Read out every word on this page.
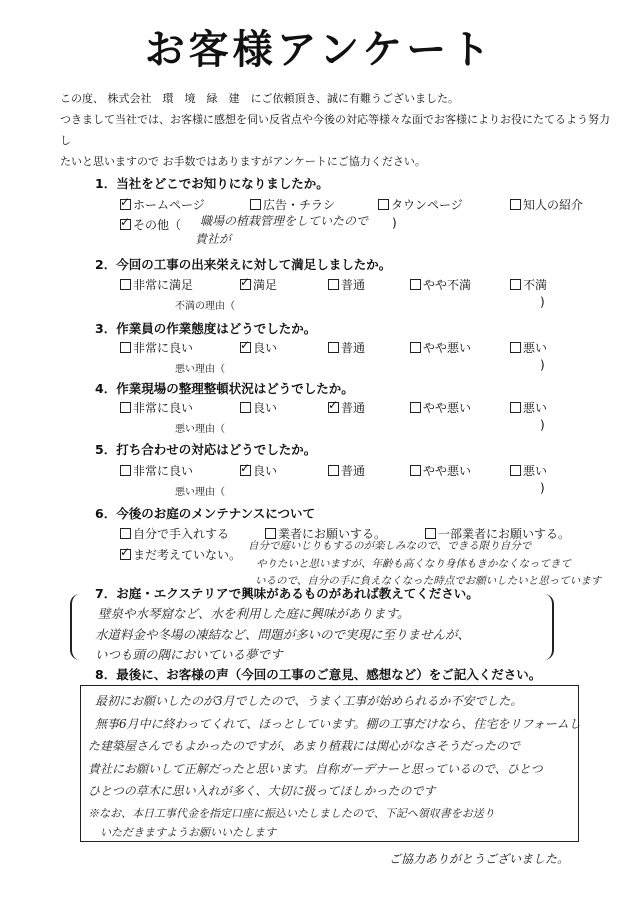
お客様アンケート
この度、 株式会社　環　境　緑　建　にご依頼頂き、誠に有難うございました。
つきまして当社では、お客様に感想を伺い反省点や今後の対応等様々な面でお客様によりお役にたてるよう努力し
たいと思いますので お手数ではありますがアンケートにご協力ください。
1．当社をどこでお知りになりましたか。
✓ ホームページ	広告・チラシ	タウンページ	知人の紹介
✓ その他（ 職場の植栽管理をしていたので
貴社が
)
2．今回の工事の出来栄えに対して満足しましたか。
非常に満足	✓ 満足	普通	やや不満	不満
不満の理由（	)
3．作業員の作業態度はどうでしたか。
非常に良い	✓ 良い	普通	やや悪い	悪い
悪い理由（	)
4．作業現場の整理整頓状況はどうでしたか。
非常に良い	良い	✓ 普通	やや悪い	悪い
悪い理由（	)
5．打ち合わせの対応はどうでしたか。
非常に良い	✓ 良い	普通	やや悪い	悪い
悪い理由（	)
6．今後のお庭のメンテナンスについて
自分で手入れする	業者にお願いする。	一部業者にお願いする。
✓ まだ考えていない。
自分で庭いじりもするのが楽しみなので、できる限り自分で
やりたいと思いますが、年齢も高くなり身体もきかなくなってきて
いるので、自分の手に負えなくなった時点でお願いしたいと思っています
7．お庭・エクステリアで興味があるものがあれば教えてください。
壁泉や水琴窟など、水を利用した庭に興味があります。
水道料金や冬場の凍結など、問題が多いので実現に至りませんが、
いつも頭の隅においている夢です
8．最後に、お客様の声（今回の工事のご意見、感想など）をご記入ください。
最初にお願いしたのが3月でしたので、うまく工事が始められるか不安でした。
無事6月中に終わってくれて、ほっとしています。棚の工事だけなら、住宅をリフォームし
た建築屋さんでもよかったのですが、あまり植栽には関心がなさそうだったので
貴社にお願いして正解だったと思います。自称ガーデナーと思っているので、ひとつ
ひとつの草木に思い入れが多く、大切に扱ってほしかったのです
※なお、本日工事代金を指定口座に振込いたしましたので、下記へ領収書をお送り
いただきますようお願いいたします
ご協力ありがとうございました。
